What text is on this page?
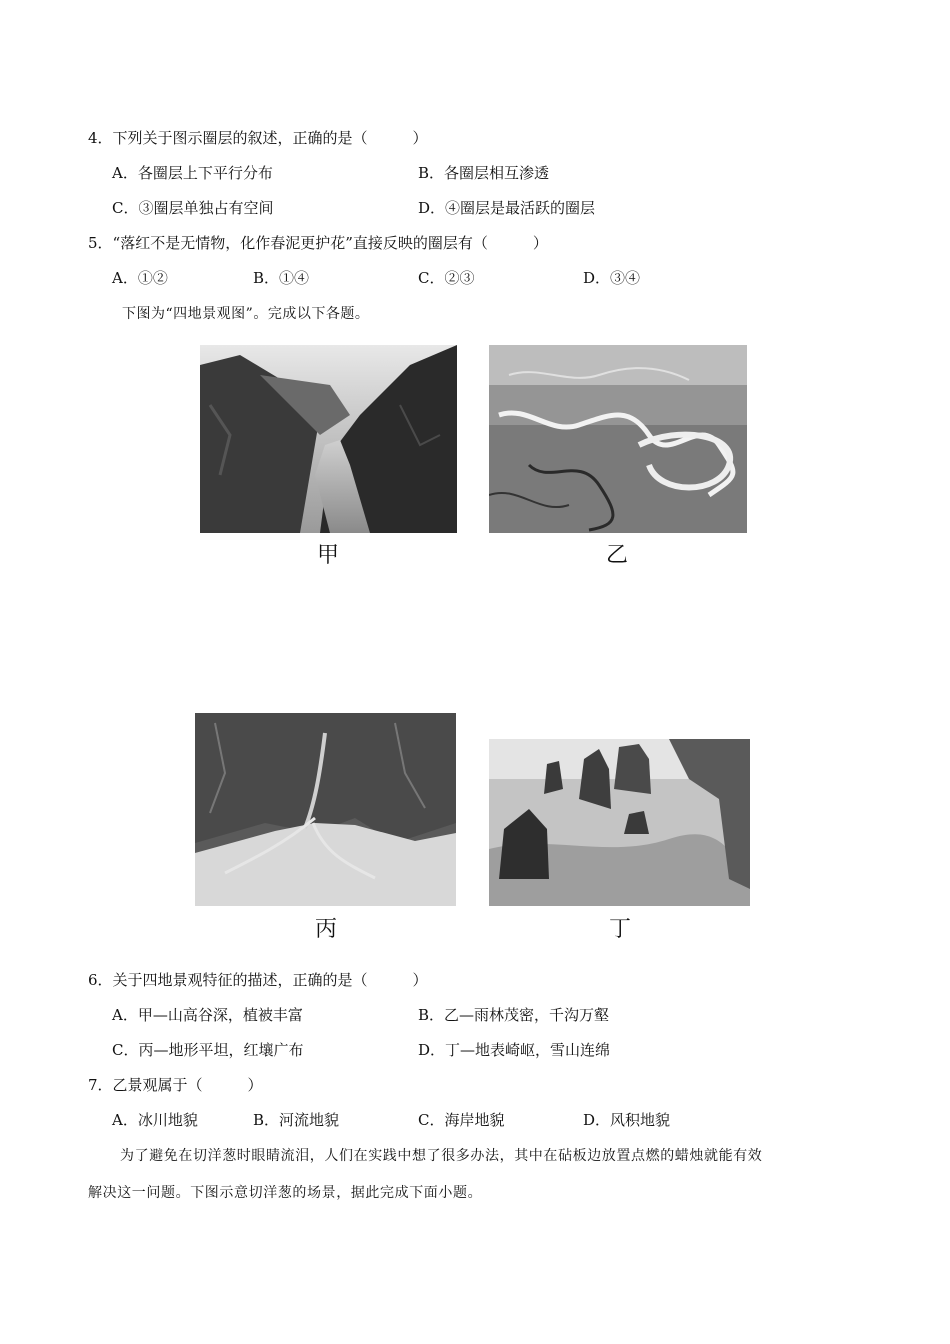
4．下列关于图示圈层的叙述，正确的是（　　　）
A．各圈层上下平行分布	B．各圈层相互渗透
C．③圈层单独占有空间	D．④圈层是最活跃的圈层
5．“落红不是无情物，化作春泥更护花”直接反映的圈层有（　　　）
A．①②	B．①④	C．②③	D．③④
下图为“四地景观图”。完成以下各题。
甲	乙
丙	丁
6．关于四地景观特征的描述，正确的是（　　　）
A．甲—山高谷深，植被丰富	B．乙—雨林茂密，千沟万壑
C．丙—地形平坦，红壤广布	D．丁—地表崎岖，雪山连绵
7．乙景观属于（　　　）
A．冰川地貌	B．河流地貌	C．海岸地貌	D．风积地貌
为了避免在切洋葱时眼睛流泪，人们在实践中想了很多办法，其中在砧板边放置点燃的蜡烛就能有效
解决这一问题。下图示意切洋葱的场景，据此完成下面小题。
